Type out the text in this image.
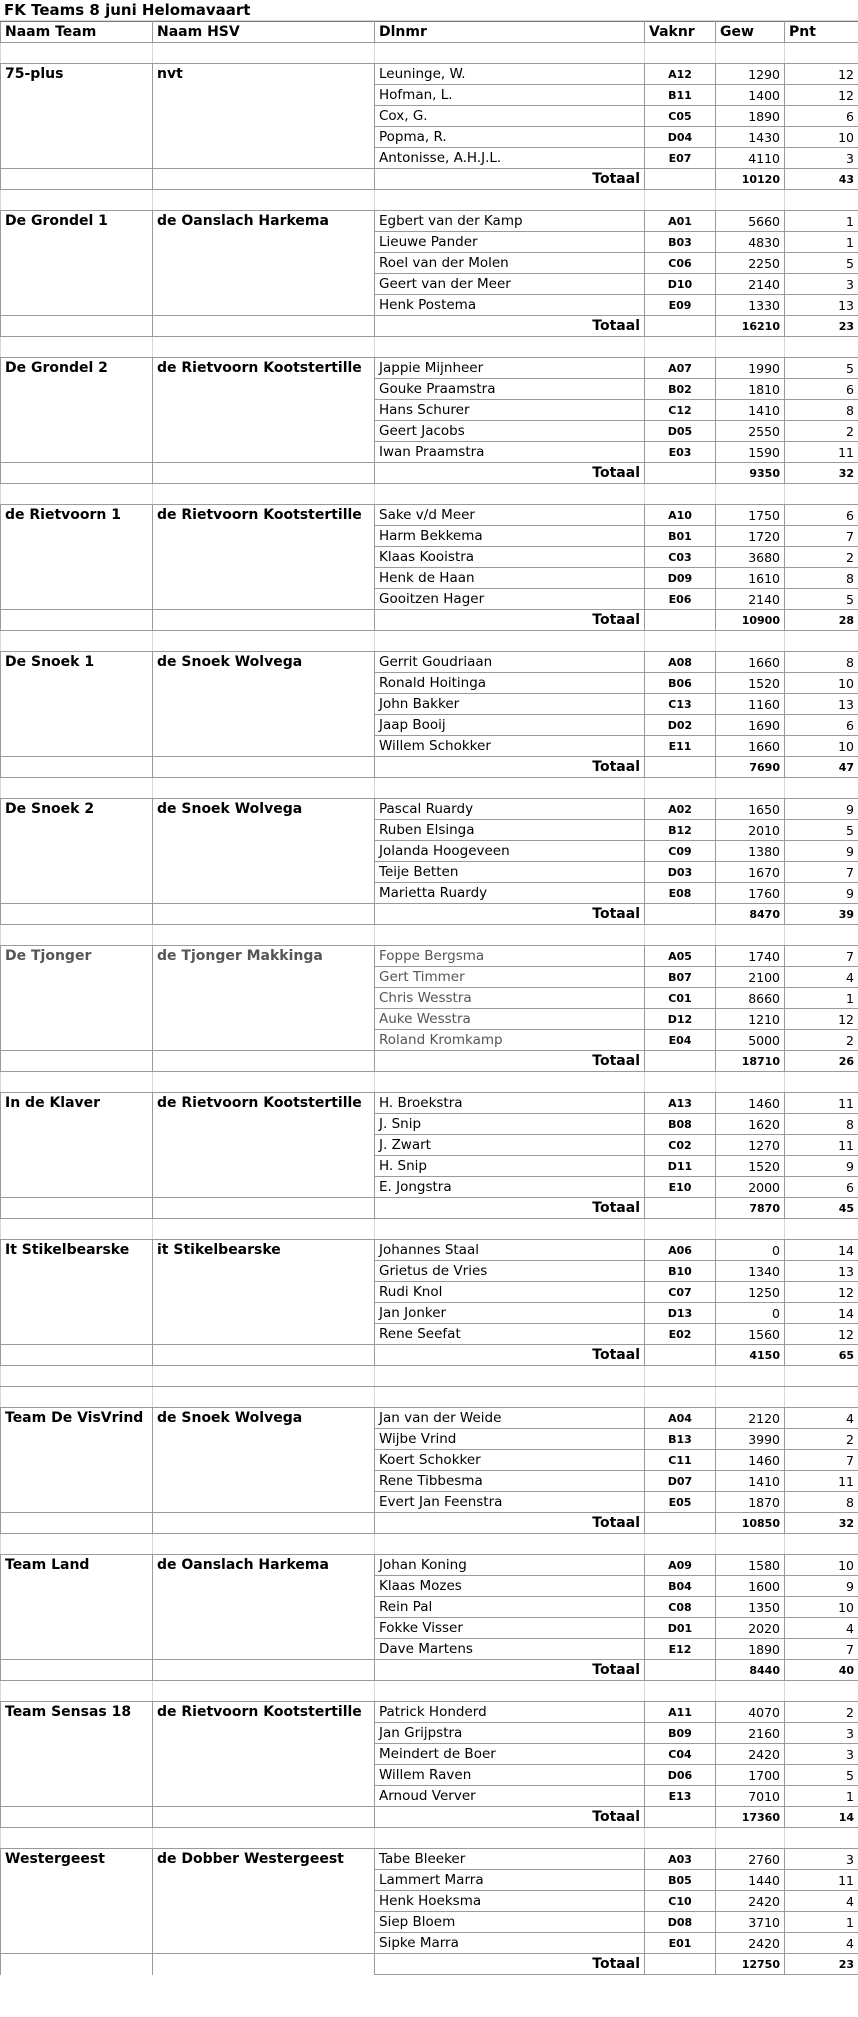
FK Teams 8 juni Helomavaart
Naam Team	Naam HSV	Dlnmr	Vaknr	Gew	Pnt

75-plus	nvt	Leuninge, W.	A12	1290	12
		Hofman, L.	B11	1400	12
		Cox, G.	C05	1890	6
		Popma, R.	D04	1430	10
		Antonisse, A.H.J.L.	E07	4110	3
		Totaal		10120	43

De Grondel 1	de Oanslach Harkema	Egbert van der Kamp	A01	5660	1
		Lieuwe Pander	B03	4830	1
		Roel van der Molen	C06	2250	5
		Geert van der Meer	D10	2140	3
		Henk Postema	E09	1330	13
		Totaal		16210	23

De Grondel 2	de Rietvoorn Kootstertille	Jappie Mijnheer	A07	1990	5
		Gouke Praamstra	B02	1810	6
		Hans Schurer	C12	1410	8
		Geert Jacobs	D05	2550	2
		Iwan Praamstra	E03	1590	11
		Totaal		9350	32

de Rietvoorn 1	de Rietvoorn Kootstertille	Sake v/d Meer	A10	1750	6
		Harm Bekkema	B01	1720	7
		Klaas Kooistra	C03	3680	2
		Henk de Haan	D09	1610	8
		Gooitzen Hager	E06	2140	5
		Totaal		10900	28

De Snoek 1	de Snoek Wolvega	Gerrit Goudriaan	A08	1660	8
		Ronald Hoitinga	B06	1520	10
		John Bakker	C13	1160	13
		Jaap Booij	D02	1690	6
		Willem Schokker	E11	1660	10
		Totaal		7690	47

De Snoek 2	de Snoek Wolvega	Pascal Ruardy	A02	1650	9
		Ruben Elsinga	B12	2010	5
		Jolanda Hoogeveen	C09	1380	9
		Teije Betten	D03	1670	7
		Marietta Ruardy	E08	1760	9
		Totaal		8470	39

De Tjonger	de Tjonger Makkinga	Foppe Bergsma	A05	1740	7
		Gert Timmer	B07	2100	4
		Chris Wesstra	C01	8660	1
		Auke Wesstra	D12	1210	12
		Roland Kromkamp	E04	5000	2
		Totaal		18710	26

In de Klaver	de Rietvoorn Kootstertille	H. Broekstra	A13	1460	11
		J. Snip	B08	1620	8
		J. Zwart	C02	1270	11
		H. Snip	D11	1520	9
		E. Jongstra	E10	2000	6
		Totaal		7870	45

It Stikelbearske	it Stikelbearske	Johannes Staal	A06	0	14
		Grietus de Vries	B10	1340	13
		Rudi Knol	C07	1250	12
		Jan Jonker	D13	0	14
		Rene Seefat	E02	1560	12
		Totaal		4150	65

Team De VisVrind	de Snoek Wolvega	Jan van der Weide	A04	2120	4
		Wijbe Vrind	B13	3990	2
		Koert Schokker	C11	1460	7
		Rene Tibbesma	D07	1410	11
		Evert Jan Feenstra	E05	1870	8
		Totaal		10850	32

Team Land	de Oanslach Harkema	Johan Koning	A09	1580	10
		Klaas Mozes	B04	1600	9
		Rein Pal	C08	1350	10
		Fokke Visser	D01	2020	4
		Dave Martens	E12	1890	7
		Totaal		8440	40

Team Sensas 18	de Rietvoorn Kootstertille	Patrick Honderd	A11	4070	2
		Jan Grijpstra	B09	2160	3
		Meindert de Boer	C04	2420	3
		Willem Raven	D06	1700	5
		Arnoud Verver	E13	7010	1
		Totaal		17360	14

Westergeest	de Dobber Westergeest	Tabe Bleeker	A03	2760	3
		Lammert Marra	B05	1440	11
		Henk Hoeksma	C10	2420	4
		Siep Bloem	D08	3710	1
		Sipke Marra	E01	2420	4
		Totaal		12750	23
